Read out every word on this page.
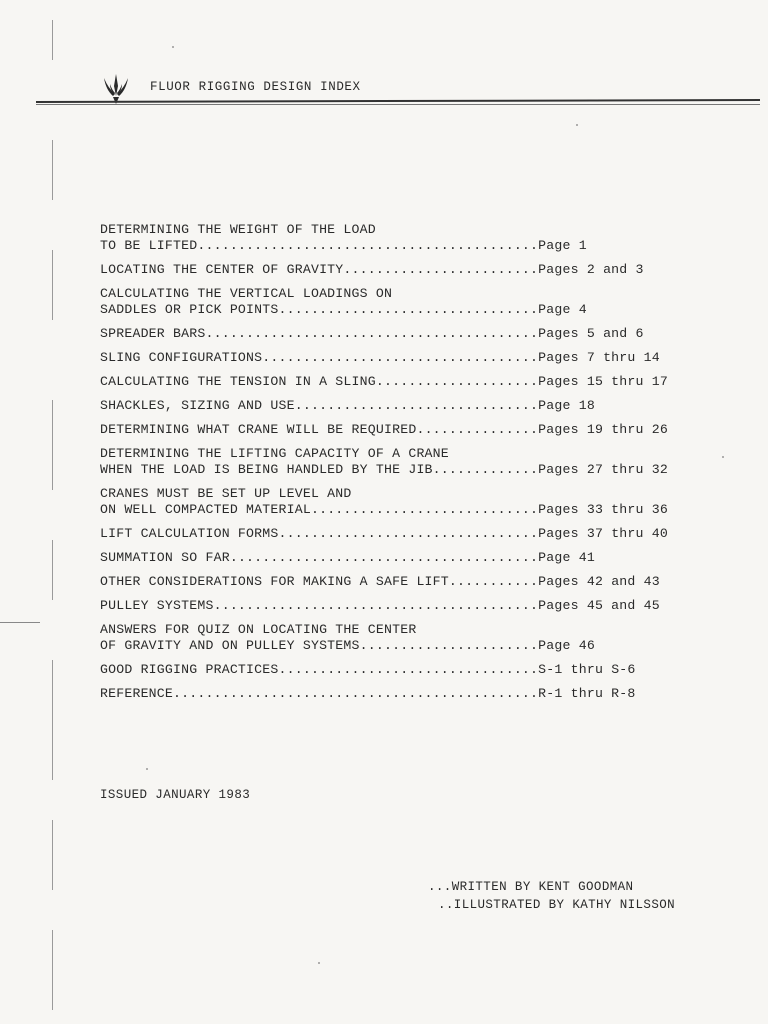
FLUOR RIGGING DESIGN INDEX
DETERMINING THE WEIGHT OF THE LOAD
TO BE LIFTED..........................................Page 1
LOCATING THE CENTER OF GRAVITY........................Pages 2 and 3
CALCULATING THE VERTICAL LOADINGS ON
SADDLES OR PICK POINTS................................Page 4
SPREADER BARS.........................................Pages 5 and 6
SLING CONFIGURATIONS..................................Pages 7 thru 14
CALCULATING THE TENSION IN A SLING....................Pages 15 thru 17
SHACKLES, SIZING AND USE..............................Page 18
DETERMINING WHAT CRANE WILL BE REQUIRED...............Pages 19 thru 26
DETERMINING THE LIFTING CAPACITY OF A CRANE
WHEN THE LOAD IS BEING HANDLED BY THE JIB.............Pages 27 thru 32
CRANES MUST BE SET UP LEVEL AND
ON WELL COMPACTED MATERIAL............................Pages 33 thru 36
LIFT CALCULATION FORMS................................Pages 37 thru 40
SUMMATION SO FAR......................................Page 41
OTHER CONSIDERATIONS FOR MAKING A SAFE LIFT...........Pages 42 and 43
PULLEY SYSTEMS........................................Pages 45 and 45
ANSWERS FOR QUIZ ON LOCATING THE CENTER
OF GRAVITY AND ON PULLEY SYSTEMS......................Page 46
GOOD RIGGING PRACTICES................................S-1 thru S-6
REFERENCE.............................................R-1 thru R-8
ISSUED JANUARY 1983
...WRITTEN BY KENT GOODMAN
..ILLUSTRATED BY KATHY NILSSON
